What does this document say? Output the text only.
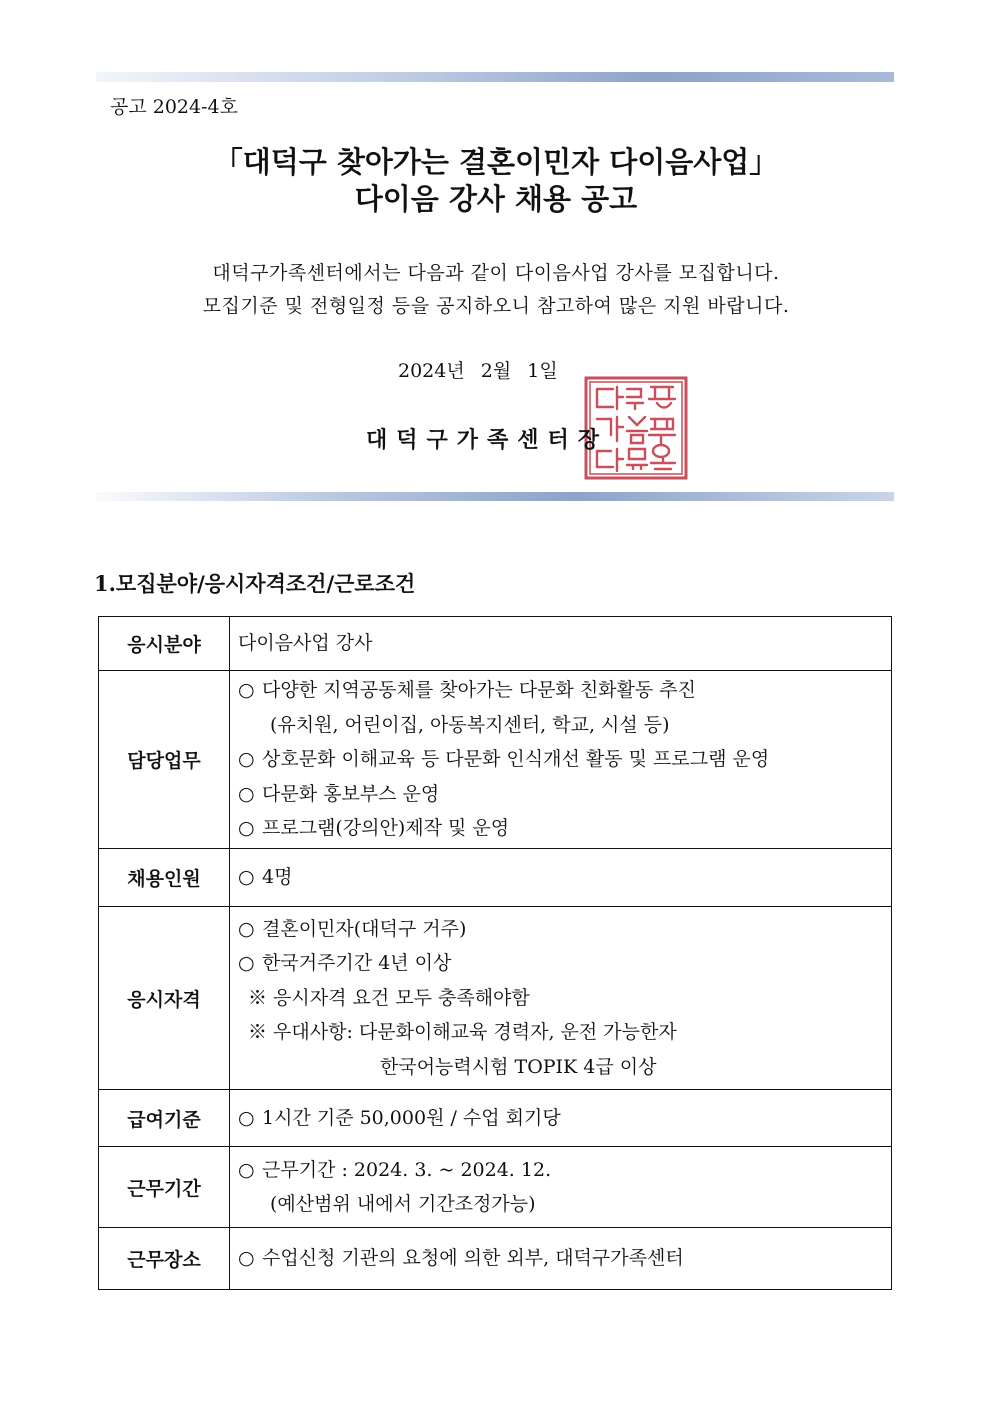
공고 2024-4호
「대덕구 찾아가는 결혼이민자 다이음사업」
다이음 강사 채용 공고
대덕구가족센터에서는 다음과 같이 다이음사업 강사를 모집합니다.
모집기준 및 전형일정 등을 공지하오니 참고하여 많은 지원 바랍니다.
2024년 2월 1일
대덕구가족센터장
1.모집분야/응시자격조건/근로조건
응시분야	다이음사업 강사

담당업무	○ 다양한 지역공동체를 찾아가는 다문화 친화활동 추진
(유치원, 어린이집, 아동복지센터, 학교, 시설 등)
○ 상호문화 이해교육 등 다문화 인식개선 활동 및 프로그램 운영
○ 다문화 홍보부스 운영
○ 프로그램(강의안)제작 및 운영

채용인원	○ 4명

응시자격	○ 결혼이민자(대덕구 거주)
○ 한국거주기간 4년 이상
※ 응시자격 요건 모두 충족해야함
※ 우대사항: 다문화이해교육 경력자, 운전 가능한자
한국어능력시험 TOPIK 4급 이상

급여기준	○ 1시간 기준 50,000원 / 수업 회기당

근무기간	○ 근무기간 : 2024. 3. ~ 2024. 12.
(예산범위 내에서 기간조정가능)

근무장소	○ 수업신청 기관의 요청에 의한 외부, 대덕구가족센터
